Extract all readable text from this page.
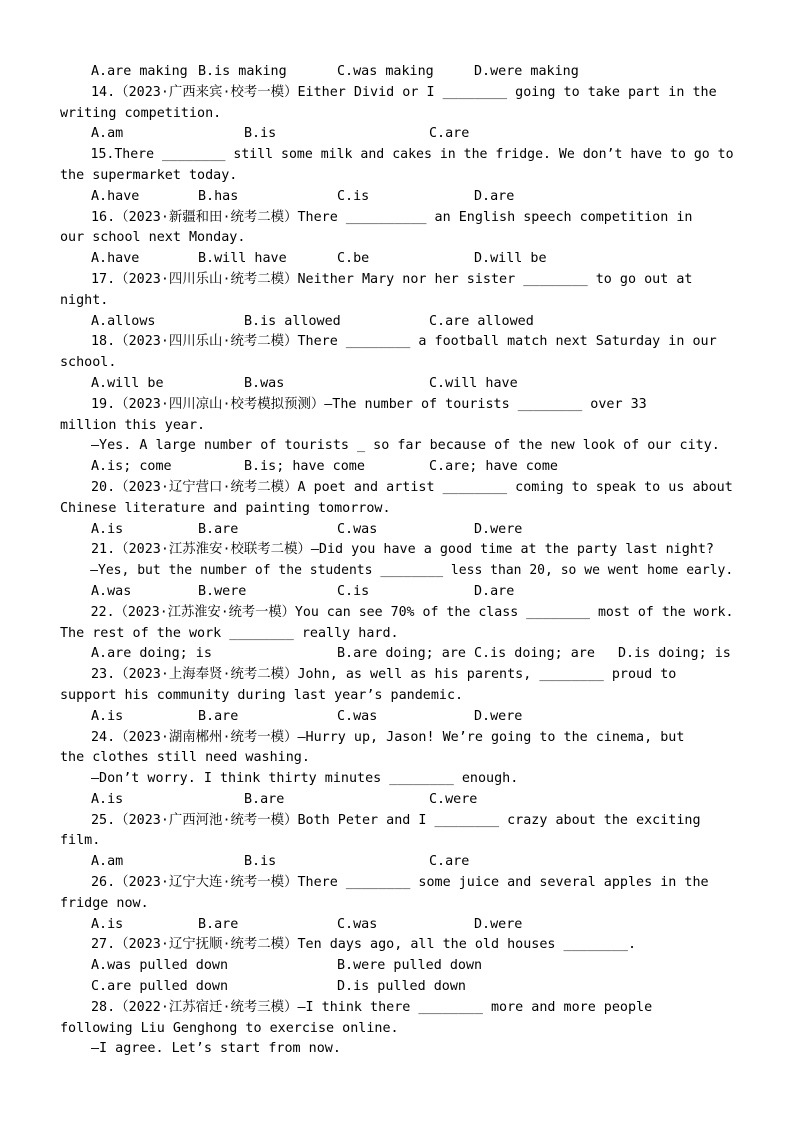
A.are making

B.is making

	C.was making

	D.were making

14.（2023·广西来宾·校考一模）Either Divid or I ________ going to take part in the
writing competition.

A.am

	B.is

	C.are

15.There ________ still some milk and cakes in the fridge. We don’t have to go to
the supermarket today.

A.have

	B.has

	C.is

	D.are

16.（2023·新疆和田·统考二模）There __________ an English speech competition in
our school next Monday.

A.have

	B.will have

	C.be

	D.will be

17.（2023·四川乐山·统考二模）Neither Mary nor her sister ________ to go out at
night.

A.allows

	B.is allowed

	C.are allowed

18.（2023·四川乐山·统考二模）There ________ a football match next Saturday in our
school.

A.will be

	B.was

	C.will have

19.（2023·四川凉山·校考模拟预测）—The number of tourists ________ over 33
million this year.
—Yes. A large number of tourists _ so far because of the new look of our city.

A.is; come

	B.is; have come

	C.are; have come

20.（2023·辽宁营口·统考二模）A poet and artist ________ coming to speak to us about
Chinese literature and painting tomorrow.

A.is

	B.are

	C.was

	D.were

21.（2023·江苏淮安·校联考二模）—Did you have a good time at the party last night?
—Yes, but the number of the students ________ less than 20, so we went home early.

A.was

	B.were

	C.is

	D.are

22.（2023·江苏淮安·统考一模）You can see 70% of the class ________ most of the work.
The rest of the work ________ really hard.

A.are doing; is

	B.are doing; are

C.is doing; are

D.is doing; is

23.（2023·上海奉贤·统考二模）John, as well as his parents, ________ proud to
support his community during last year’s pandemic.

A.is

	B.are

	C.was

	D.were

24.（2023·湖南郴州·统考一模）—Hurry up, Jason! We’re going to the cinema, but
the clothes still need washing.
—Don’t worry. I think thirty minutes ________ enough.

A.is

	B.are

	C.were

25.（2023·广西河池·统考一模）Both Peter and I ________ crazy about the exciting
film.

A.am

	B.is

	C.are

26.（2023·辽宁大连·统考一模）There ________ some juice and several apples in the
fridge now.

A.is

	B.are

	C.was

	D.were

27.（2023·辽宁抚顺·统考二模）Ten days ago, all the old houses ________.

A.was pulled down

	B.were pulled down

C.are pulled down

	D.is pulled down

28.（2022·江苏宿迁·统考三模）—I think there ________ more and more people
following Liu Genghong to exercise online.
—I agree. Let’s start from now.
